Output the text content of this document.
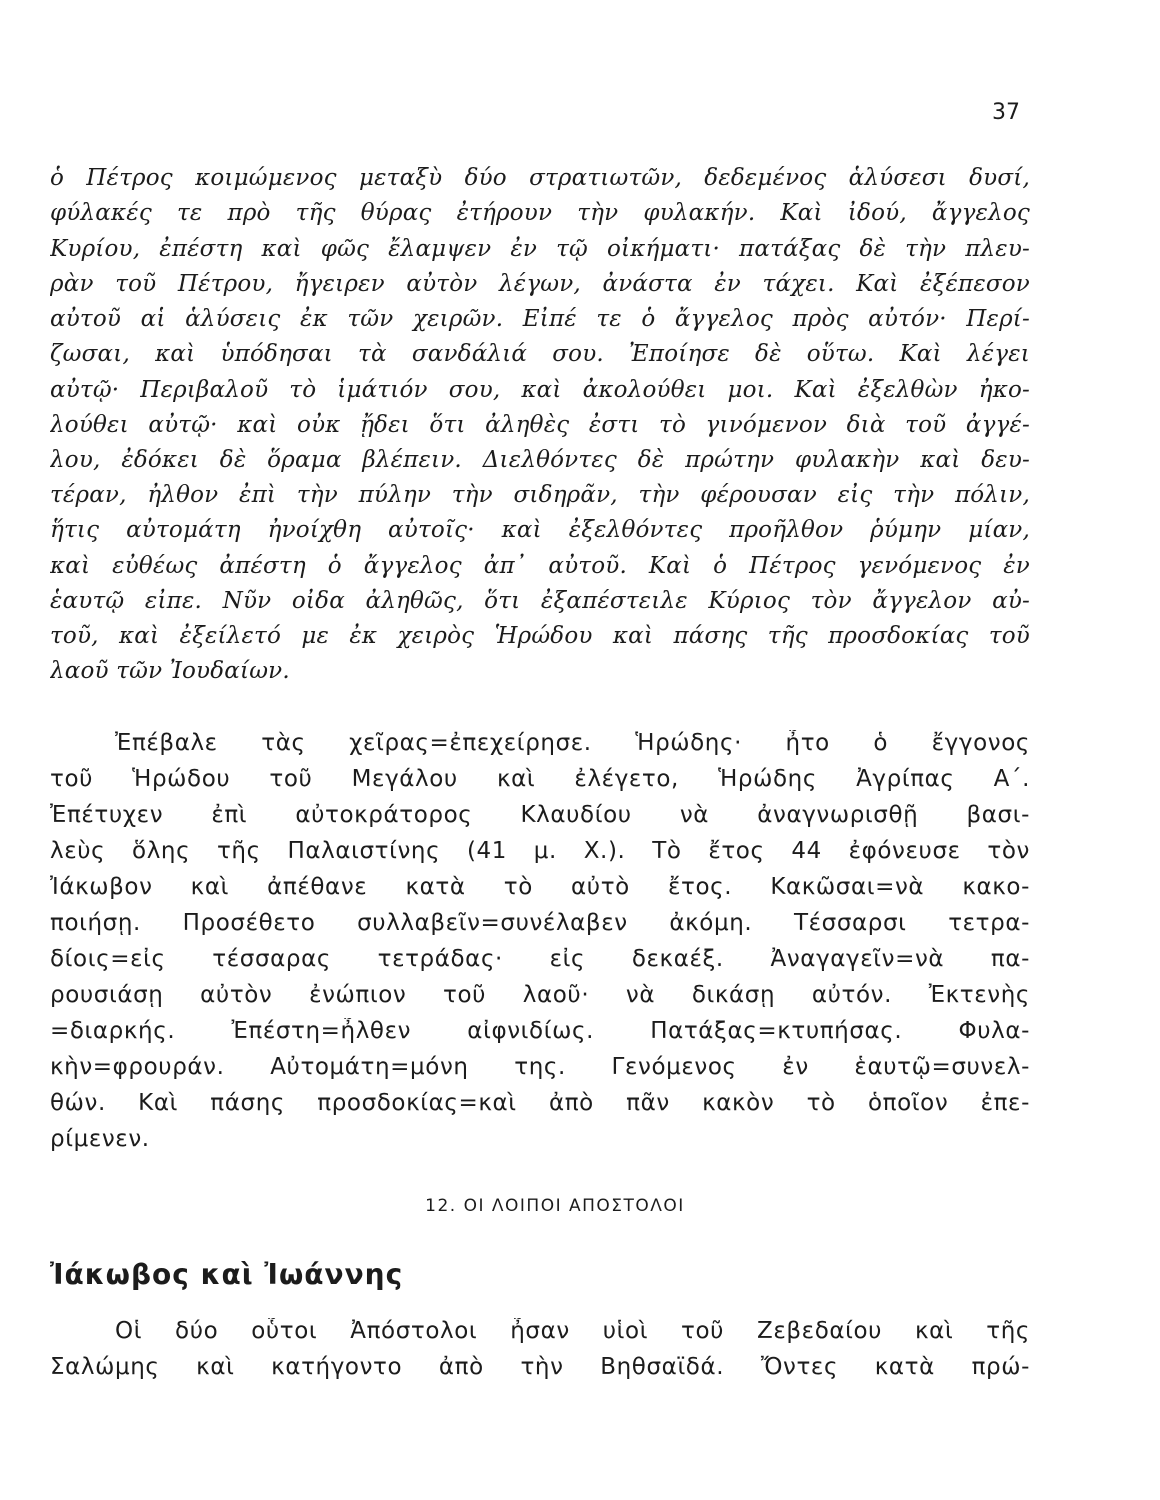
37
ὁ Πέτρος κοιμώμενος μεταξὺ δύο στρατιωτῶν, δεδεμένος ἁλύσεσι δυσί,
φύλακές τε πρὸ τῆς θύρας ἐτήρουν τὴν φυλακήν. Καὶ ἰδού, ἄγγελος
Κυρίου, ἐπέστη καὶ φῶς ἔλαμψεν ἐν τῷ οἰκήματι· πατάξας δὲ τὴν πλευ-
ρὰν τοῦ Πέτρου, ἤγειρεν αὐτὸν λέγων, ἀνάστα ἐν τάχει. Καὶ ἐξέπεσον
αὐτοῦ αἱ ἁλύσεις ἐκ τῶν χειρῶν. Εἶπέ τε ὁ ἄγγελος πρὸς αὐτόν· Περί-
ζωσαι, καὶ ὑπόδησαι τὰ σανδάλιά σου. Ἐποίησε δὲ οὕτω. Καὶ λέγει
αὐτῷ· Περιβαλοῦ τὸ ἱμάτιόν σου, καὶ ἀκολούθει μοι. Καὶ ἐξελθὼν ἠκο-
λούθει αὐτῷ· καὶ οὐκ ᾔδει ὅτι ἀληθὲς ἐστι τὸ γινόμενον διὰ τοῦ ἀγγέ-
λου, ἐδόκει δὲ ὅραμα βλέπειν. Διελθόντες δὲ πρώτην φυλακὴν καὶ δευ-
τέραν, ἦλθον ἐπὶ τὴν πύλην τὴν σιδηρᾶν, τὴν φέρουσαν εἰς τὴν πόλιν,
ἥτις αὐτομάτη ἠνοίχθη αὐτοῖς· καὶ ἐξελθόντες προῆλθον ῥύμην μίαν,
καὶ εὐθέως ἀπέστη ὁ ἄγγελος ἀπ᾽ αὐτοῦ. Καὶ ὁ Πέτρος γενόμενος ἐν
ἑαυτῷ εἶπε. Νῦν οἶδα ἀληθῶς, ὅτι ἐξαπέστειλε Κύριος τὸν ἄγγελον αὐ-
τοῦ, καὶ ἐξείλετό με ἐκ χειρὸς Ἡρώδου καὶ πάσης τῆς προσδοκίας τοῦ
λαοῦ τῶν Ἰουδαίων.
Ἐπέβαλε τὰς χεῖρας=ἐπεχείρησε. Ἡρώδης· ἦτο ὁ ἔγγονος
τοῦ Ἡρώδου τοῦ Μεγάλου καὶ ἐλέγετο, Ἡρώδης Ἀγρίπας Α΄.
Ἐπέτυχεν ἐπὶ αὐτοκράτορος Κλαυδίου νὰ ἀναγνωρισθῇ βασι-
λεὺς ὅλης τῆς Παλαιστίνης (41 μ. Χ.). Τὸ ἔτος 44 ἐφόνευσε τὸν
Ἰάκωβον καὶ ἀπέθανε κατὰ τὸ αὐτὸ ἔτος. Κακῶσαι=νὰ κακο-
ποιήσῃ. Προσέθετο συλλαβεῖν=συνέλαβεν ἀκόμη. Τέσσαρσι τετρα-
δίοις=εἰς τέσσαρας τετράδας· εἰς δεκαέξ. Ἀναγαγεῖν=νὰ πα-
ρουσιάσῃ αὐτὸν ἐνώπιον τοῦ λαοῦ· νὰ δικάσῃ αὐτόν. Ἐκτενὴς
=διαρκής. Ἐπέστη=ἦλθεν αἰφνιδίως. Πατάξας=κτυπήσας. Φυλα-
κὴν=φρουράν. Αὐτομάτη=μόνη της. Γενόμενος ἐν ἑαυτῷ=συνελ-
θών. Καὶ πάσης προσδοκίας=καὶ ἀπὸ πᾶν κακὸν τὸ ὁποῖον ἐπε-
ρίμενεν.
12. ΟΙ ΛΟΙΠΟΙ ΑΠΟΣΤΟΛΟΙ
Ἰάκωβος καὶ Ἰωάννης
Οἱ δύο οὗτοι Ἀπόστολοι ἦσαν υἱοὶ τοῦ Ζεβεδαίου καὶ τῆς
Σαλώμης καὶ κατήγοντο ἀπὸ τὴν Βηθσαϊδά. Ὄντες κατὰ πρώ-
